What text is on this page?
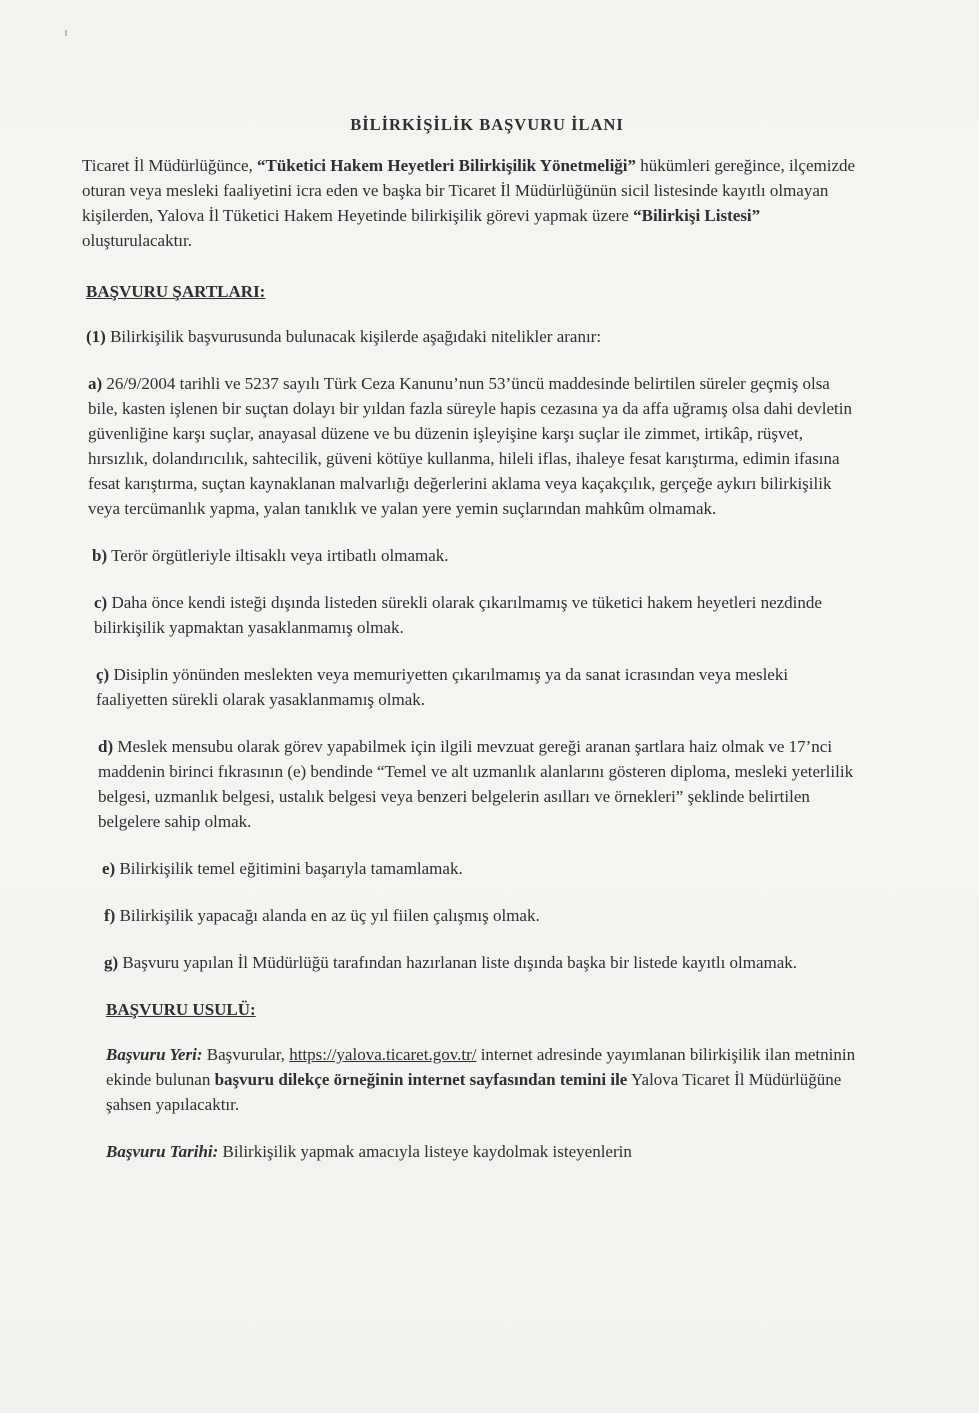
BİLİRKİŞİLİK BAŞVURU İLANI

Ticaret İl Müdürlüğünce, “Tüketici Hakem Heyetleri Bilirkişilik Yönetmeliği” hükümleri gereğince, ilçemizde oturan veya mesleki faaliyetini icra eden ve başka bir Ticaret İl Müdürlüğünün sicil listesinde kayıtlı olmayan kişilerden, Yalova İl Tüketici Hakem Heyetinde bilirkişilik görevi yapmak üzere “Bilirkişi Listesi” oluşturulacaktır.

BAŞVURU ŞARTLARI:

(1) Bilirkişilik başvurusunda bulunacak kişilerde aşağıdaki nitelikler aranır:

a) 26/9/2004 tarihli ve 5237 sayılı Türk Ceza Kanunu’nun 53’üncü maddesinde belirtilen süreler geçmiş olsa bile, kasten işlenen bir suçtan dolayı bir yıldan fazla süreyle hapis cezasına ya da affa uğramış olsa dahi devletin güvenliğine karşı suçlar, anayasal düzene ve bu düzenin işleyişine karşı suçlar ile zimmet, irtikâp, rüşvet, hırsızlık, dolandırıcılık, sahtecilik, güveni kötüye kullanma, hileli iflas, ihaleye fesat karıştırma, edimin ifasına fesat karıştırma, suçtan kaynaklanan malvarlığı değerlerini aklama veya kaçakçılık, gerçeğe aykırı bilirkişilik veya tercümanlık yapma, yalan tanıklık ve yalan yere yemin suçlarından mahkûm olmamak.

b) Terör örgütleriyle iltisaklı veya irtibatlı olmamak.

c) Daha önce kendi isteği dışında listeden sürekli olarak çıkarılmamış ve tüketici hakem heyetleri nezdinde bilirkişilik yapmaktan yasaklanmamış olmak.

ç) Disiplin yönünden meslekten veya memuriyetten çıkarılmamış ya da sanat icrasından veya mesleki faaliyetten sürekli olarak yasaklanmamış olmak.

d) Meslek mensubu olarak görev yapabilmek için ilgili mevzuat gereği aranan şartlara haiz olmak ve 17’nci maddenin birinci fıkrasının (e) bendinde “Temel ve alt uzmanlık alanlarını gösteren diploma, mesleki yeterlilik belgesi, uzmanlık belgesi, ustalık belgesi veya benzeri belgelerin asılları ve örnekleri” şeklinde belirtilen belgelere sahip olmak.

e) Bilirkişilik temel eğitimini başarıyla tamamlamak.

f) Bilirkişilik yapacağı alanda en az üç yıl fiilen çalışmış olmak.

g) Başvuru yapılan İl Müdürlüğü tarafından hazırlanan liste dışında başka bir listede kayıtlı olmamak.

BAŞVURU USULÜ:

Başvuru Yeri: Başvurular, https://yalova.ticaret.gov.tr/ internet adresinde yayımlanan bilirkişilik ilan metninin ekinde bulunan başvuru dilekçe örneğinin internet sayfasından temini ile Yalova Ticaret İl Müdürlüğüne şahsen yapılacaktır.

Başvuru Tarihi: Bilirkişilik yapmak amacıyla listeye kaydolmak isteyenlerin
